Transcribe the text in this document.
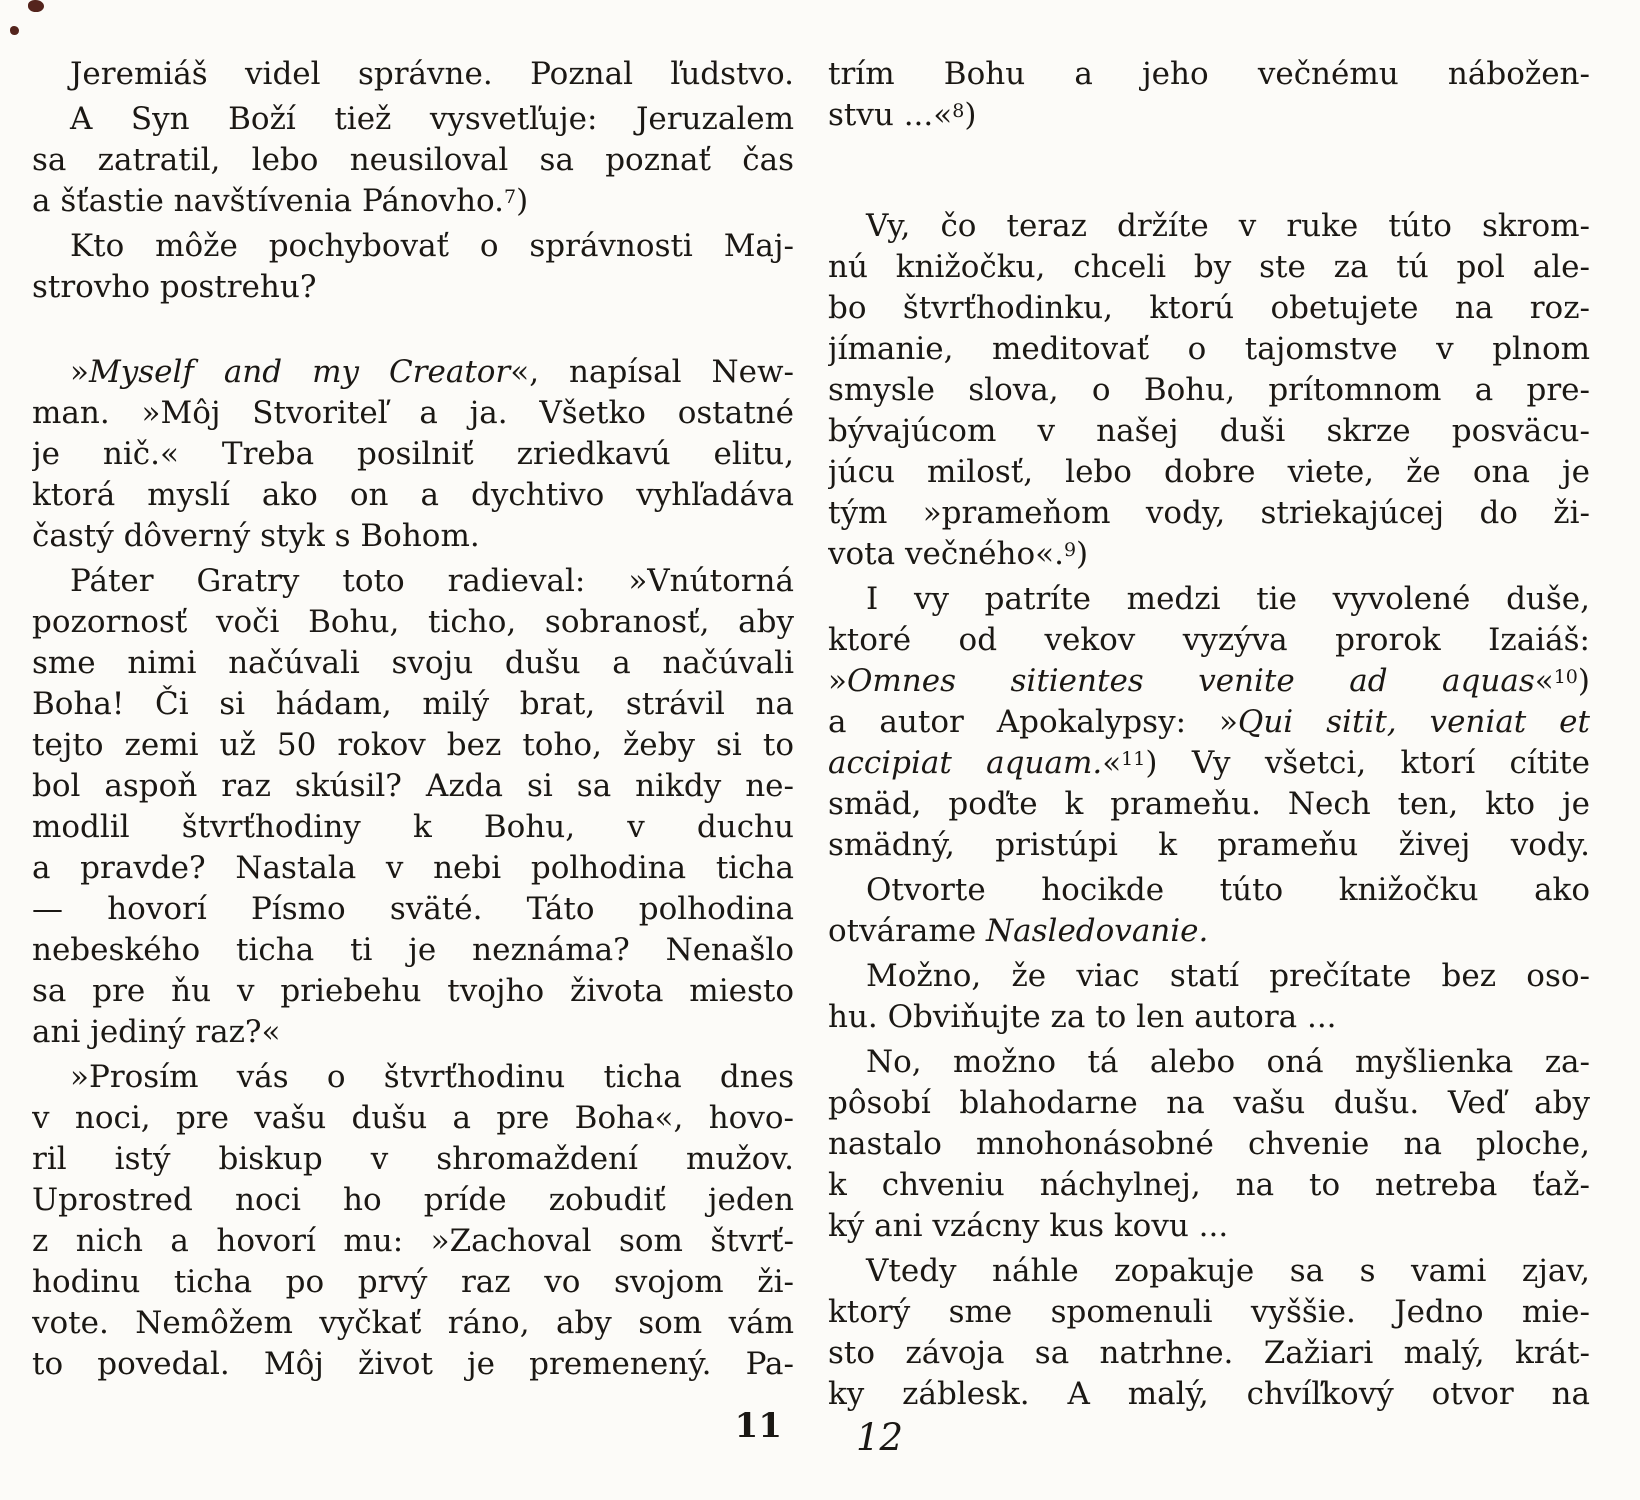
Jeremiáš videl správne. Poznal ľudstvo.
A Syn Boží tiež vysvetľuje: Jeruzalem
sa zatratil, lebo neusiloval sa poznať čas
a šťastie navštívenia Pánovho.$^7$)
Kto môže pochybovať o správnosti Maj-
strovho postrehu?
»Myself and my Creator«, napísal New-
man. »Môj Stvoriteľ a ja. Všetko ostatné
je nič.« Treba posilniť zriedkavú elitu,
ktorá myslí ako on a dychtivo vyhľadáva
častý dôverný styk s Bohom.
Páter Gratry toto radieval: »Vnútorná
pozornosť voči Bohu, ticho, sobranosť, aby
sme nimi načúvali svoju dušu a načúvali
Boha! Či si hádam, milý brat, strávil na
tejto zemi už 50 rokov bez toho, žeby si to
bol aspoň raz skúsil? Azda si sa nikdy ne-
modlil štvrťhodiny k Bohu, v duchu
a pravde? Nastala v nebi polhodina ticha
— hovorí Písmo sväté. Táto polhodina
nebeského ticha ti je neznáma? Nenašlo
sa pre ňu v priebehu tvojho života miesto
ani jediný raz?«
»Prosím vás o štvrťhodinu ticha dnes
v noci, pre vašu dušu a pre Boha«, hovo-
ril istý biskup v shromaždení mužov.
Uprostred noci ho príde zobudiť jeden
z nich a hovorí mu: »Zachoval som štvrť-
hodinu ticha po prvý raz vo svojom ži-
vote. Nemôžem vyčkať ráno, aby som vám
to povedal. Môj život je premenený. Pa-
trím Bohu a jeho večnému nábožen-
stvu ...«$^8$)
Vy, čo teraz držíte v ruke túto skrom-
nú knižočku, chceli by ste za tú pol ale-
bo štvrťhodinku, ktorú obetujete na roz-
jímanie, meditovať o tajomstve v plnom
smysle slova, o Bohu, prítomnom a pre-
bývajúcom v našej duši skrze posväcu-
júcu milosť, lebo dobre viete, že ona je
tým »prameňom vody, striekajúcej do ži-
vota večného«.$^9$)
I vy patríte medzi tie vyvolené duše,
ktoré od vekov vyzýva prorok Izaiáš:
»Omnes sitientes venite ad aquas«$^{10}$)
a autor Apokalypsy: »Qui sitit, veniat et
accipiat aquam.«$^{11}$) Vy všetci, ktorí cítite
smäd, poďte k prameňu. Nech ten, kto je
smädný, pristúpi k prameňu živej vody.
Otvorte hocikde túto knižočku ako
otvárame Nasledovanie.
Možno, že viac statí prečítate bez oso-
hu. Obviňujte za to len autora ...
No, možno tá alebo oná myšlienka za-
pôsobí blahodarne na vašu dušu. Veď aby
nastalo mnohonásobné chvenie na ploche,
k chveniu náchylnej, na to netreba ťaž-
ký ani vzácny kus kovu ...
Vtedy náhle zopakuje sa s vami zjav,
ktorý sme spomenuli vyššie. Jedno mie-
sto závoja sa natrhne. Zažiari malý, krát-
ky záblesk. A malý, chvíľkový otvor na
11 12
